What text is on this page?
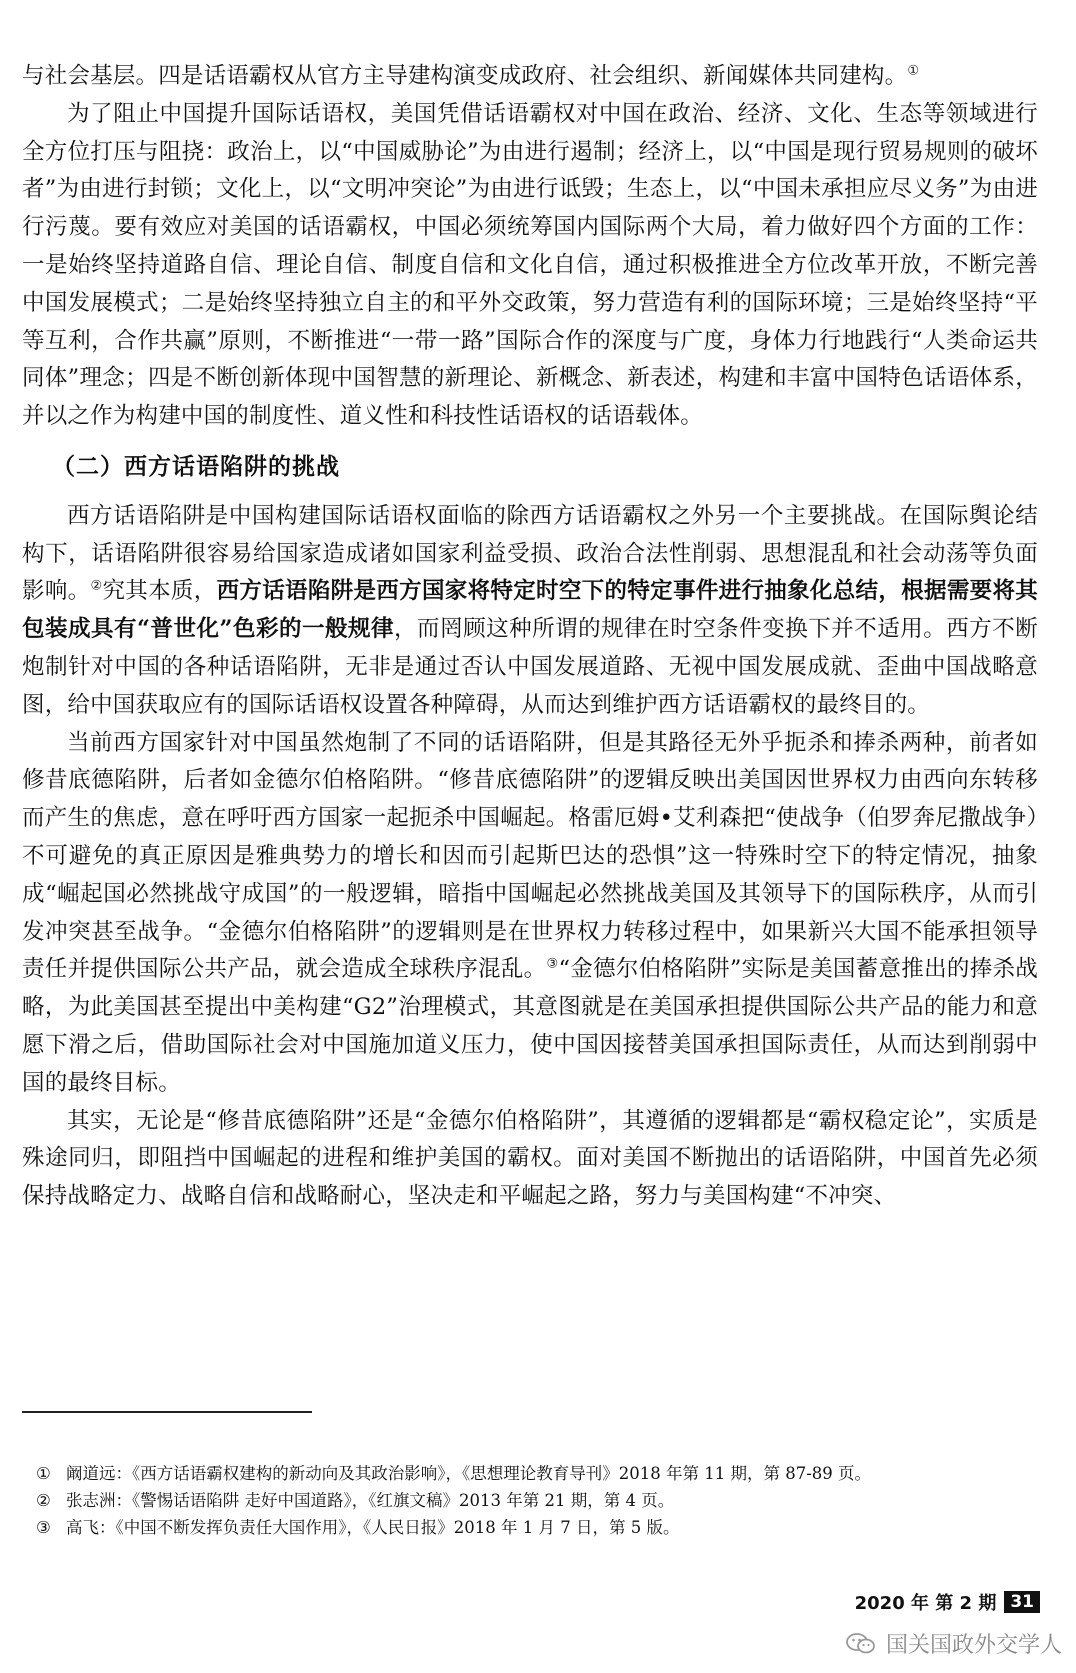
与社会基层。四是话语霸权从官方主导建构演变成政府、社会组织、新闻媒体共同建构。①

为了阻止中国提升国际话语权，美国凭借话语霸权对中国在政治、经济、文化、生态等领域进行全方位打压与阻挠：政治上，以“中国威胁论”为由进行遏制；经济上，以“中国是现行贸易规则的破坏者”为由进行封锁；文化上，以“文明冲突论”为由进行诋毁；生态上，以“中国未承担应尽义务”为由进行污蔑。要有效应对美国的话语霸权，中国必须统筹国内国际两个大局，着力做好四个方面的工作：一是始终坚持道路自信、理论自信、制度自信和文化自信，通过积极推进全方位改革开放，不断完善中国发展模式；二是始终坚持独立自主的和平外交政策，努力营造有利的国际环境；三是始终坚持“平等互利，合作共赢”原则，不断推进“一带一路”国际合作的深度与广度，身体力行地践行“人类命运共同体”理念；四是不断创新体现中国智慧的新理论、新概念、新表述，构建和丰富中国特色话语体系，并以之作为构建中国的制度性、道义性和科技性话语权的话语载体。

（二）西方话语陷阱的挑战

西方话语陷阱是中国构建国际话语权面临的除西方话语霸权之外另一个主要挑战。在国际舆论结构下，话语陷阱很容易给国家造成诸如国家利益受损、政治合法性削弱、思想混乱和社会动荡等负面影响。②究其本质，西方话语陷阱是西方国家将特定时空下的特定事件进行抽象化总结，根据需要将其包装成具有“普世化”色彩的一般规律，而罔顾这种所谓的规律在时空条件变换下并不适用。西方不断炮制针对中国的各种话语陷阱，无非是通过否认中国发展道路、无视中国发展成就、歪曲中国战略意图，给中国获取应有的国际话语权设置各种障碍，从而达到维护西方话语霸权的最终目的。

当前西方国家针对中国虽然炮制了不同的话语陷阱，但是其路径无外乎扼杀和捧杀两种，前者如修昔底德陷阱，后者如金德尔伯格陷阱。“修昔底德陷阱”的逻辑反映出美国因世界权力由西向东转移而产生的焦虑，意在呼吁西方国家一起扼杀中国崛起。格雷厄姆•艾利森把“使战争（伯罗奔尼撒战争）不可避免的真正原因是雅典势力的增长和因而引起斯巴达的恐惧”这一特殊时空下的特定情况，抽象成“崛起国必然挑战守成国”的一般逻辑，暗指中国崛起必然挑战美国及其领导下的国际秩序，从而引发冲突甚至战争。“金德尔伯格陷阱”的逻辑则是在世界权力转移过程中，如果新兴大国不能承担领导责任并提供国际公共产品，就会造成全球秩序混乱。③“金德尔伯格陷阱”实际是美国蓄意推出的捧杀战略，为此美国甚至提出中美构建“G2”治理模式，其意图就是在美国承担提供国际公共产品的能力和意愿下滑之后，借助国际社会对中国施加道义压力，使中国因接替美国承担国际责任，从而达到削弱中国的最终目标。

其实，无论是“修昔底德陷阱”还是“金德尔伯格陷阱”，其遵循的逻辑都是“霸权稳定论”，实质是殊途同归，即阻挡中国崛起的进程和维护美国的霸权。面对美国不断抛出的话语陷阱，中国首先必须保持战略定力、战略自信和战略耐心，坚决走和平崛起之路，努力与美国构建“不冲突、

① 阚道远：《西方话语霸权建构的新动向及其政治影响》，《思想理论教育导刊》2018 年第 11 期，第 87-89 页。
② 张志洲：《警惕话语陷阱 走好中国道路》，《红旗文稿》2013 年第 21 期，第 4 页。
③ 高飞：《中国不断发挥负责任大国作用》，《人民日报》2018 年 1 月 7 日，第 5 版。
2020 年 第 2 期 31
国关国政外交学人
